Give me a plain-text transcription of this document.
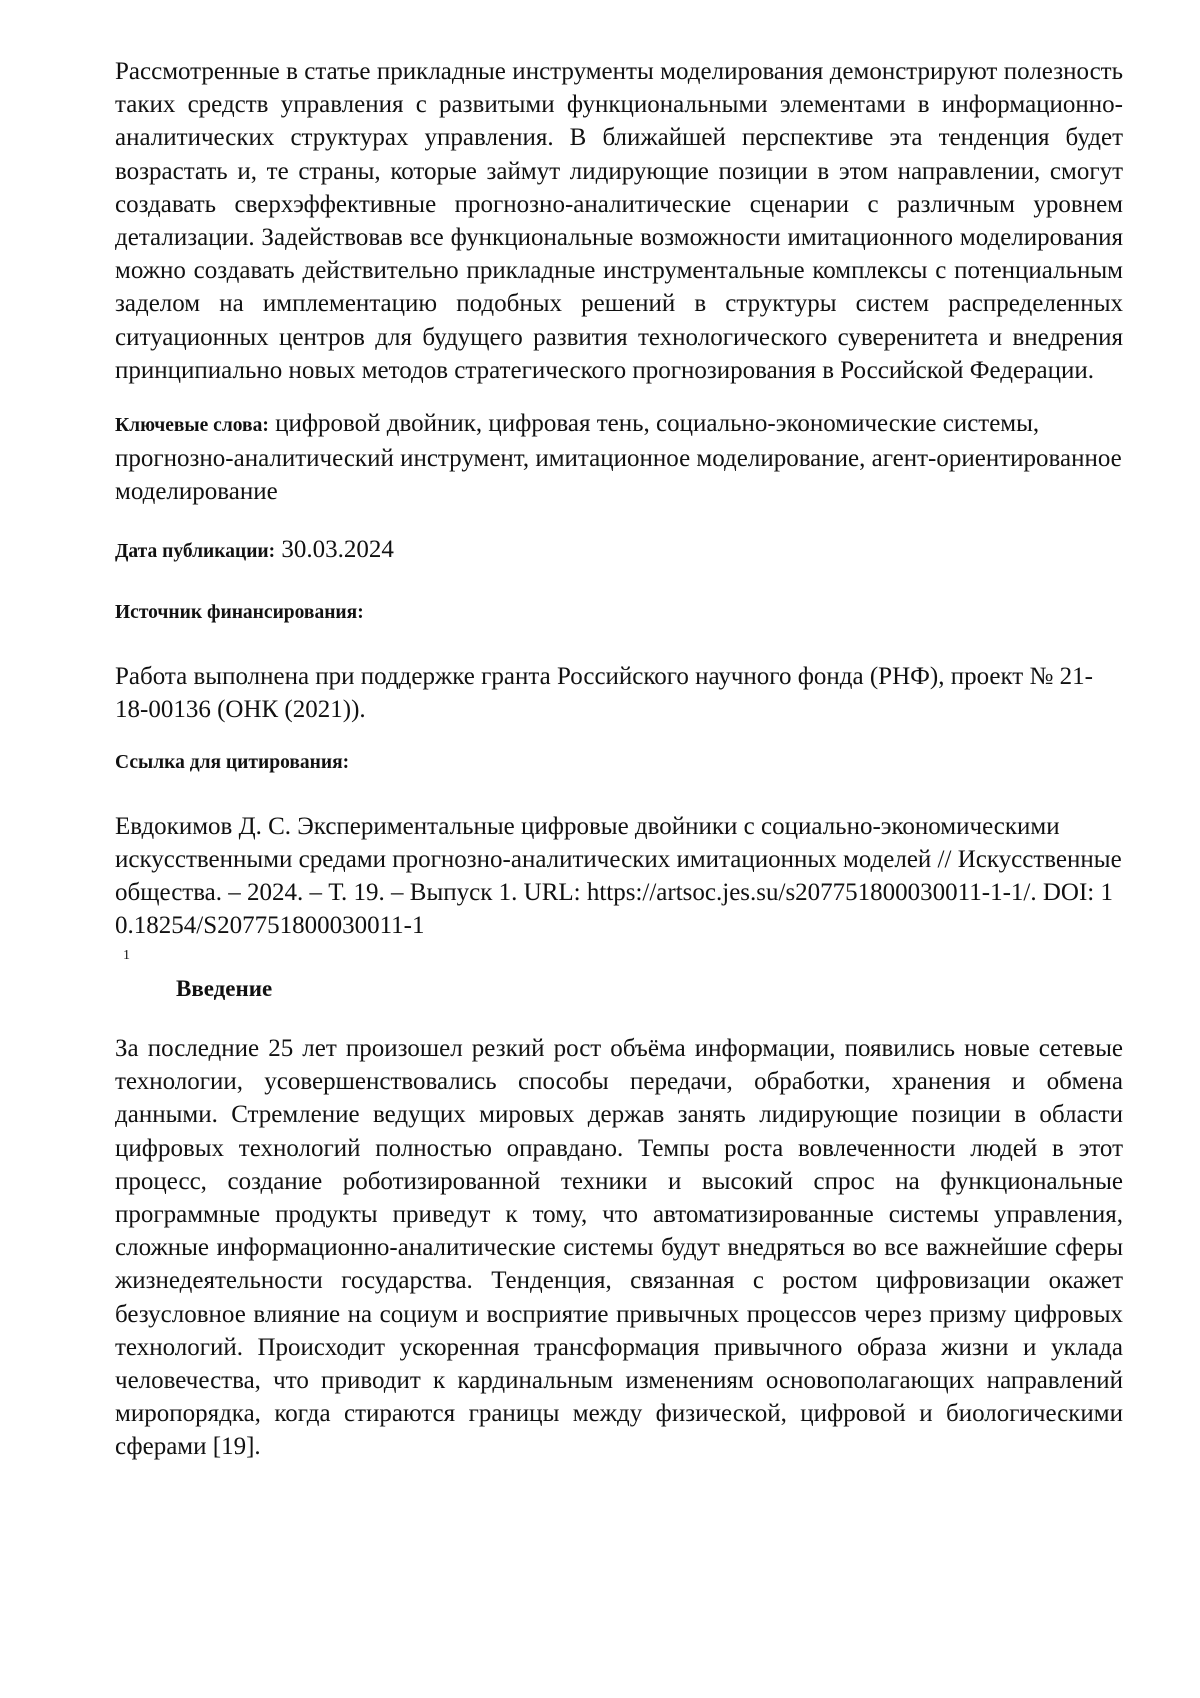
Рассмотренные в статье прикладные инструменты моделирования демонстрируют полезность таких средств управления с развитыми функциональными элементами в информационно-аналитических структурах управления. В ближайшей перспективе эта тенденция будет возрастать и, те страны, которые займут лидирующие позиции в этом направлении, смогут создавать сверхэффективные прогнозно-аналитические сценарии с различным уровнем детализации. Задействовав все функциональные возможности имитационного моделирования можно создавать действительно прикладные инструментальные комплексы с потенциальным заделом на имплементацию подобных решений в структуры систем распределенных ситуационных центров для будущего развития технологического суверенитета и внедрения принципиально новых методов стратегического прогнозирования в Российской Федерации.

Ключевые слова: цифровой двойник, цифровая тень, социально-экономические системы, прогнозно-аналитический инструмент, имитационное моделирование, агент-ориентированное моделирование

Дата публикации: 30.03.2024

Источник финансирования:

Работа выполнена при поддержке гранта Российского научного фонда (РНФ), проект № 21-18-00136 (ОНК (2021)).

Ссылка для цитирования:

Евдокимов Д. С. Экспериментальные цифровые двойники с социально-экономическими искусственными средами прогнозно-аналитических имитационных моделей // Искусственные общества. – 2024. – Т. 19. – Выпуск 1. URL: https://artsoc.jes.su/s207751800030011-1-1/. DOI: 10.18254/S207751800030011-1

1

Введение

За последние 25 лет произошел резкий рост объёма информации, появились новые сетевые технологии, усовершенствовались способы передачи, обработки, хранения и обмена данными. Стремление ведущих мировых держав занять лидирующие позиции в области цифровых технологий полностью оправдано. Темпы роста вовлеченности людей в этот процесс, создание роботизированной техники и высокий спрос на функциональные программные продукты приведут к тому, что автоматизированные системы управления, сложные информационно-аналитические системы будут внедряться во все важнейшие сферы жизнедеятельности государства. Тенденция, связанная с ростом цифровизации окажет безусловное влияние на социум и восприятие привычных процессов через призму цифровых технологий. Происходит ускоренная трансформация привычного образа жизни и уклада человечества, что приводит к кардинальным изменениям основополагающих направлений миропорядка, когда стираются границы между физической, цифровой и биологическими сферами [19].
